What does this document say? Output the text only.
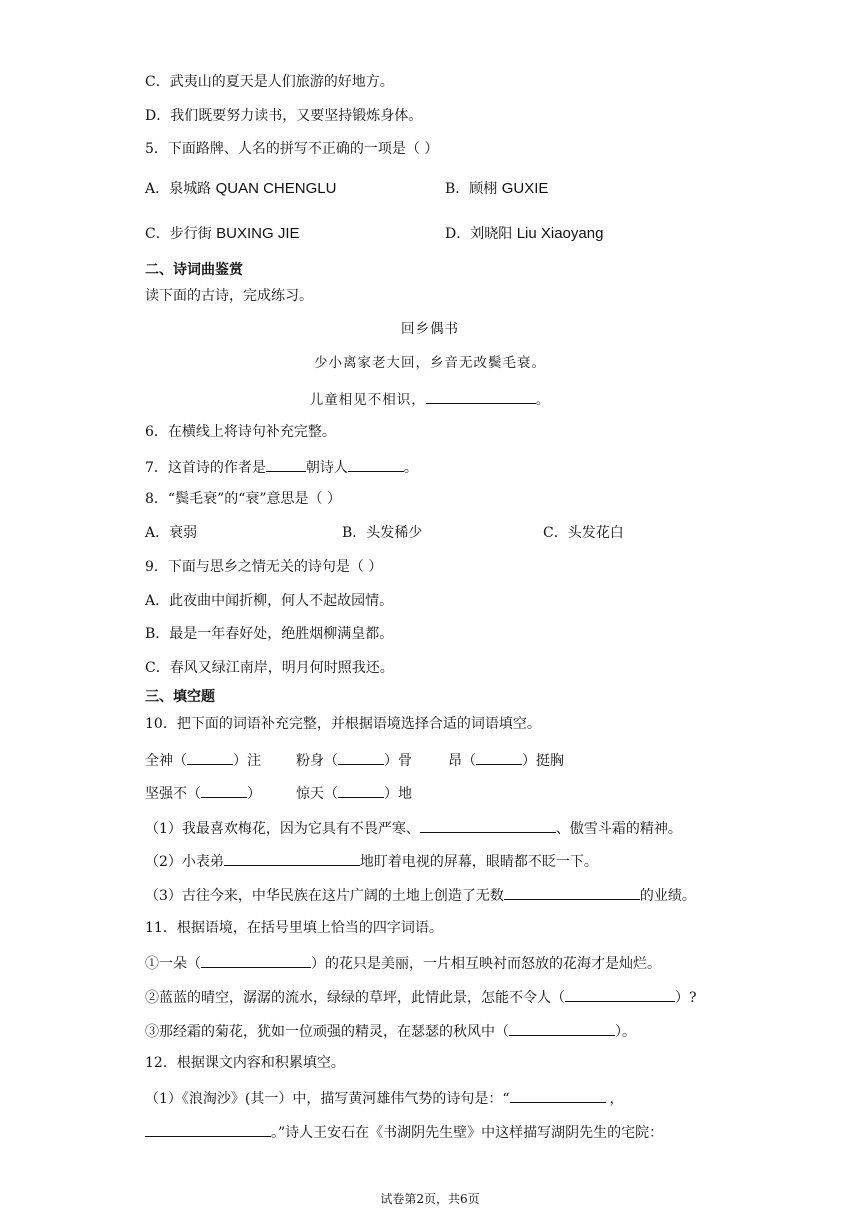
C．武夷山的夏天是人们旅游的好地方。
D．我们既要努力读书，又要坚持锻炼身体。
5．下面路牌、人名的拼写不正确的一项是（ ）
A．泉城路 QUAN CHENGLU	B．顾栩 GUXIE
C．步行街 BUXING JIE	D．刘晓阳 Liu Xiaoyang
二、诗词曲鉴赏
读下面的古诗，完成练习。
回乡偶书
少小离家老大回，乡音无改鬓毛衰。
儿童相见不相识，	。
6．在横线上将诗句补充完整。
7．这首诗的作者是	朝诗人	。
8．“鬓毛衰”的“衰”意思是（ ）
A．衰弱	B．头发稀少	C．头发花白
9．下面与思乡之情无关的诗句是（ ）
A．此夜曲中闻折柳，何人不起故园情。
B．最是一年春好处，绝胜烟柳满皇都。
C．春风又绿江南岸，明月何时照我还。
三、填空题
10．把下面的词语补充完整，并根据语境选择合适的词语填空。
全神（	）注	粉身（	）骨	昂（	）挺胸
坚强不（	）	惊天（	）地
（1）我最喜欢梅花，因为它具有不畏严寒、	、傲雪斗霜的精神。
（2）小表弟	地盯着电视的屏幕，眼睛都不眨一下。
（3）古往今来，中华民族在这片广阔的土地上创造了无数	的业绩。
11．根据语境，在括号里填上恰当的四字词语。
①一朵（	）的花只是美丽，一片相互映衬而怒放的花海才是灿烂。
②蓝蓝的晴空，潺潺的流水，绿绿的草坪，此情此景，怎能不令人（	）?
③那经霜的菊花，犹如一位顽强的精灵，在瑟瑟的秋风中（	）。
12．根据课文内容和积累填空。
（1）《浪淘沙》(其一）中，描写黄河雄伟气势的诗句是：“	，
。”诗人王安石在《书湖阴先生壁》中这样描写湖阴先生的宅院：
试卷第2页，共6页
